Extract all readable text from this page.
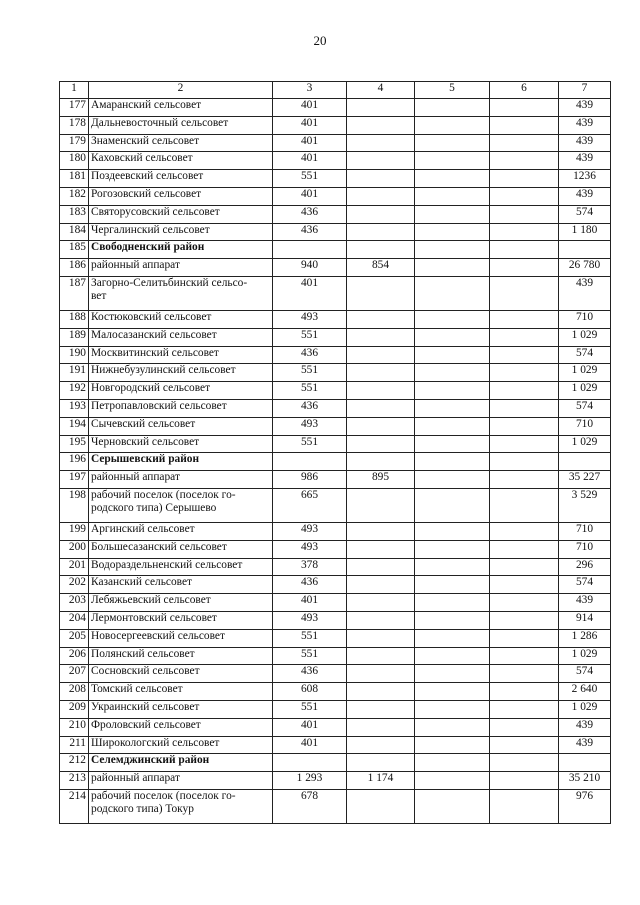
20
1	2	3	4	5	6	7
177	Амаранский сельсовет	401				439
178	Дальневосточный сельсовет	401				439
179	Знаменский сельсовет	401				439
180	Каховский сельсовет	401				439
181	Поздеевский сельсовет	551				1236
182	Рогозовский сельсовет	401				439
183	Святорусовский сельсовет	436				574
184	Чергалинский сельсовет	436				1 180
185	Свободненский район					

186	районный аппарат	940	854			26 780
187	Загорно-Селитьбинский сельсо-
вет	401				439
188	Костюковский сельсовет	493				710
189	Малосазанский сельсовет	551				1 029
190	Москвитинский сельсовет	436				574
191	Нижнебузулинский сельсовет	551				1 029
192	Новгородский сельсовет	551				1 029
193	Петропавловский сельсовет	436				574
194	Сычевский сельсовет	493				710
195	Черновский сельсовет	551				1 029
196	Серышевский район					

197	районный аппарат	986	895			35 227
198	рабочий поселок (поселок го-
родского типа) Серышево	665				3 529
199	Аргинский сельсовет	493				710
200	Большесазанский сельсовет	493				710
201	Водораздельненский сельсовет	378				296
202	Казанский сельсовет	436				574
203	Лебяжьевский сельсовет	401				439
204	Лермонтовский сельсовет	493				914
205	Новосергеевский сельсовет	551				1 286
206	Полянский сельсовет	551				1 029
207	Сосновский сельсовет	436				574
208	Томский сельсовет	608				2 640
209	Украинский сельсовет	551				1 029
210	Фроловский сельсовет	401				439
211	Широкологский сельсовет	401				439
212	Селемджинский район					

213	районный аппарат	1 293	1 174			35 210
214	рабочий поселок (поселок го-
родского типа) Токур	678				976
